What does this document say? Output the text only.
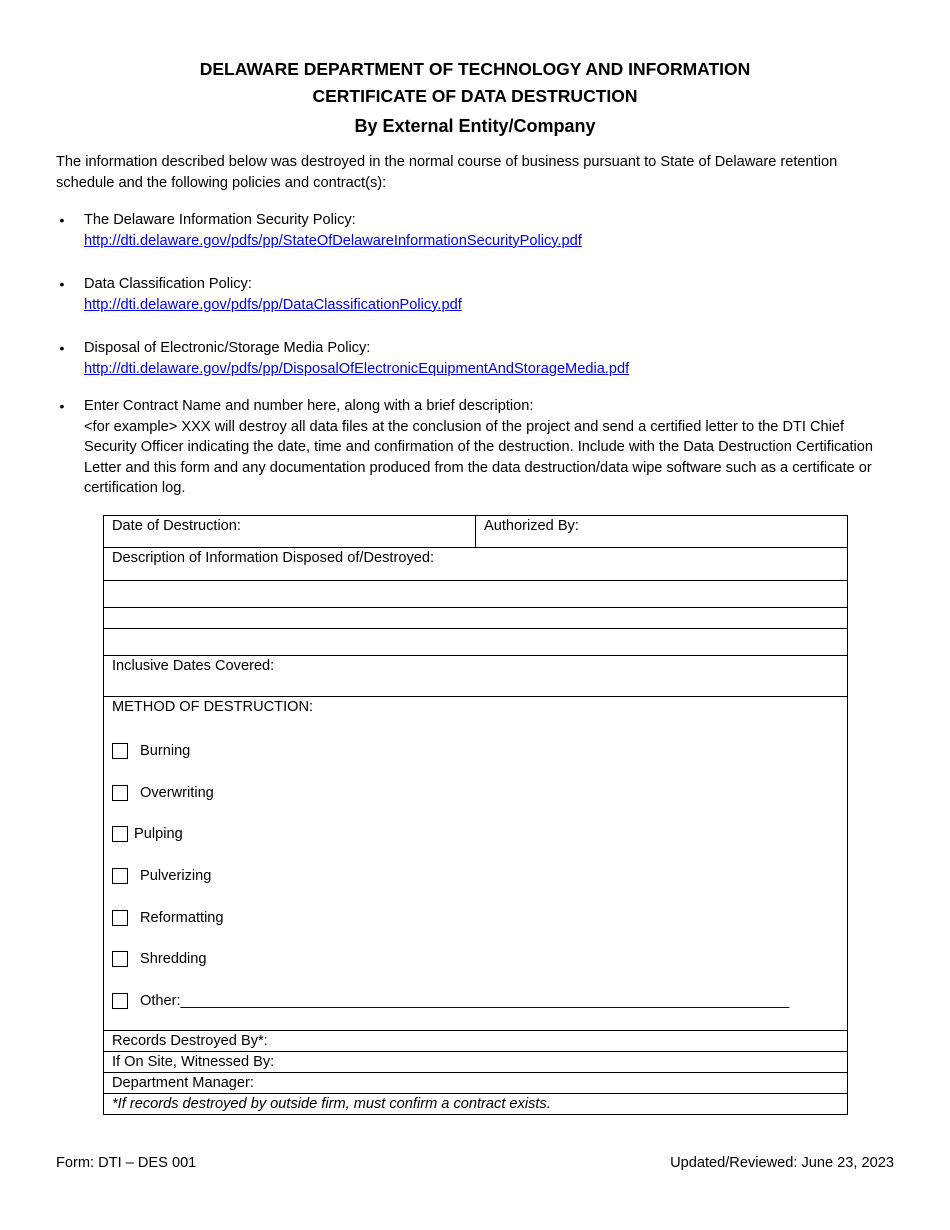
DELAWARE DEPARTMENT OF TECHNOLOGY AND INFORMATION
CERTIFICATE OF DATA DESTRUCTION
By External Entity/Company
The information described below was destroyed in the normal course of business pursuant to State of Delaware retention schedule and the following policies and contract(s):
• The Delaware Information Security Policy:
http://dti.delaware.gov/pdfs/pp/StateOfDelawareInformationSecurityPolicy.pdf
• Data Classification Policy:
http://dti.delaware.gov/pdfs/pp/DataClassificationPolicy.pdf
• Disposal of Electronic/Storage Media Policy:
http://dti.delaware.gov/pdfs/pp/DisposalOfElectronicEquipmentAndStorageMedia.pdf
• Enter Contract Name and number here, along with a brief description:
<for example> XXX will destroy all data files at the conclusion of the project and send a certified letter to the DTI Chief Security Officer indicating the date, time and confirmation of the destruction. Include with the Data Destruction Certification Letter and this form and any documentation produced from the data destruction/data wipe software such as a certificate or certification log.
Date of Destruction:	Authorized By:
Description of Information Disposed of/Destroyed:

Inclusive Dates Covered:

METHOD OF DESTRUCTION:
Burning
Overwriting
Pulping
Pulverizing
Reformatting
Shredding
Other:___________________________________________________________________________

Records Destroyed By*:
If On Site, Witnessed By:
Department Manager:
*If records destroyed by outside firm, must confirm a contract exists.
Form: DTI – DES 001	Updated/Reviewed: June 23, 2023
